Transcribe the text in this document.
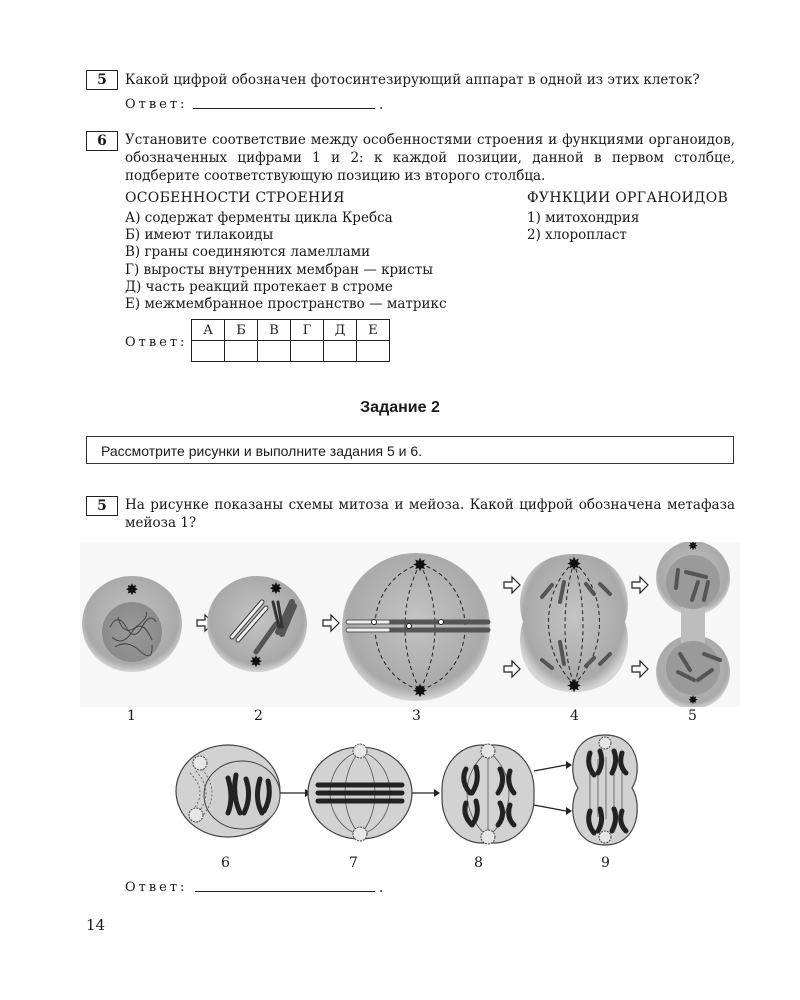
5	Какой цифрой обозначен фотосинтезирующий аппарат в одной из этих клеток?
Ответ:	.
6	Установите соответствие между особенностями строения и функциями органоидов, обозначенных цифрами 1 и 2: к каждой позиции, данной в первом столбце, подберите соответствующую позицию из второго столбца.
ОСОБЕННОСТИ СТРОЕНИЯ	ФУНКЦИИ ОРГАНОИДОВ
А) содержат ферменты цикла Кребса
Б) имеют тилакоиды
В) граны соединяются ламеллами
Г) выросты внутренних мембран — кристы
Д) часть реакций протекает в строме
Е) межмембранное пространство — матрикс
1) митохондрия
2) хлоропласт
Ответ:
А	Б	В	Г	Д	Е

Задание 2
Рассмотрите рисунки и выполните задания 5 и 6.
5	На рисунке показаны схемы митоза и мейоза. Какой цифрой обозначена метафаза мейоза 1?
✸	✸
✸
✸
✸
✸
✸
✸
✸
1	2	3	4	5
6	7	8	9
Ответ:	.
14
